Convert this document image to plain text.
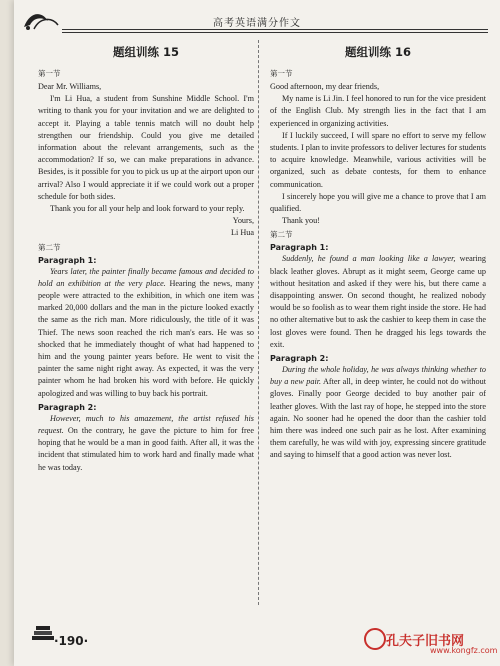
高考英语满分作文
题组训练 15
第一节

Dear Mr. Williams,

I'm Li Hua, a student from Sunshine Middle School. I'm writing to thank you for your invitation and we are delighted to accept it. Playing a table tennis match will no doubt help strengthen our friendship. Could you give me detailed information about the relevant arrangements, such as the accommodation? If so, we can make preparations in advance. Besides, is it possible for you to pick us up at the airport upon our arrival? Also I would appreciate it if we could work out a proper schedule for both sides.

Thank you for all your help and look forward to your reply.

Yours,
Li Hua
第二节
Paragraph 1:

Years later, the painter finally became famous and decided to hold an exhibition at the very place. Hearing the news, many people were attracted to the exhibition, in which one item was marked 20,000 dollars and the man in the picture looked exactly the same as the rich man. More ridiculously, the title of it was Thief. The news soon reached the rich man's ears. He was so shocked that he immediately thought of what had happened to him and the young painter years before. He went to visit the painter the same night right away. As expected, it was the very painter whom he had broken his word with before. He quickly apologized and was willing to buy back his portrait.

Paragraph 2:

However, much to his amazement, the artist refused his request. On the contrary, he gave the picture to him for free hoping that he would be a man in good faith. After all, it was the incident that stimulated him to work hard and finally made what he was today.

题组训练 16
第一节

Good afternoon, my dear friends,

My name is Li Jin. I feel honored to run for the vice president of the English Club. My strength lies in the fact that I am experienced in organizing activities.

If I luckily succeed, I will spare no effort to serve my fellow students. I plan to invite professors to deliver lectures for students to acquire knowledge. Meanwhile, various activities will be organized, such as debate contests, for them to enhance communication.

I sincerely hope you will give me a chance to prove that I am qualified.

Thank you!

第二节
Paragraph 1:

Suddenly, he found a man looking like a lawyer, wearing black leather gloves. Abrupt as it might seem, George came up without hesitation and asked if they were his, but there came a disappointing answer. On second thought, he realized nobody would be so foolish as to wear them right inside the store. He had no other alternative but to ask the cashier to keep them in case the lost gloves were found. Then he dragged his legs towards the exit.

Paragraph 2:

During the whole holiday, he was always thinking whether to buy a new pair. After all, in deep winter, he could not do without gloves. Finally poor George decided to buy another pair of leather gloves. With the last ray of hope, he stepped into the store again. No sooner had he opened the door than the cashier told him there was indeed one such pair as he lost. After examining them carefully, he was wild with joy, expressing sincere gratitude and saying to himself that a good action was never lost.

·190·	孔夫子旧书网
www.kongfz.com
